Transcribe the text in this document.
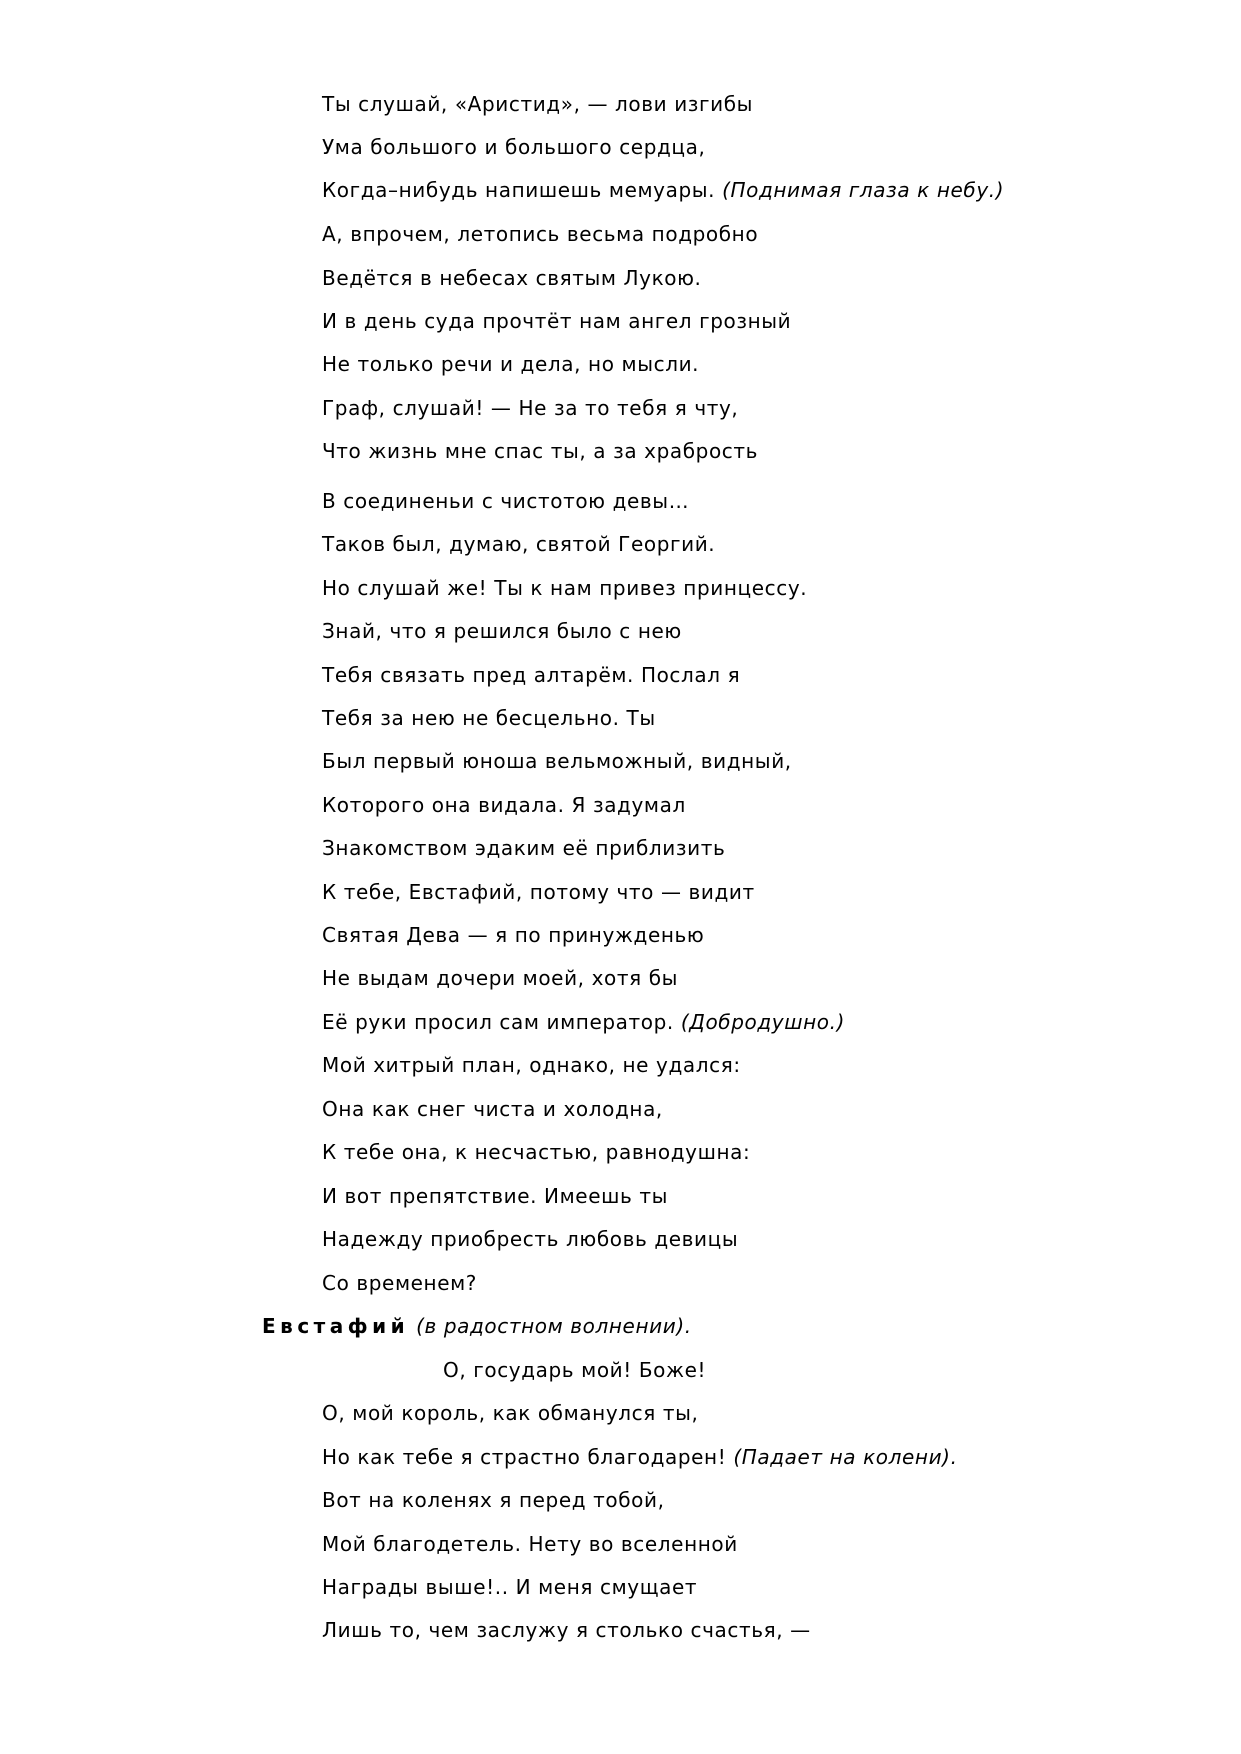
Ты слушай, «Аристид», — лови изгибы
Ума большого и большого сердца,
Когда–нибудь напишешь мемуары. (Поднимая глаза к небу.)
А, впрочем, летопись весьма подробно
Ведётся в небесах святым Лукою.
И в день суда прочтёт нам ангел грозный
Не только речи и дела, но мысли.
Граф, слушай! — Не за то тебя я чту,
Что жизнь мне спас ты, а за храбрость
В соединеньи с чистотою девы…
Таков был, думаю, святой Георгий.
Но слушай же! Ты к нам привез принцессу.
Знай, что я решился было с нею
Тебя связать пред алтарём. Послал я
Тебя за нею не бесцельно. Ты
Был первый юноша вельможный, видный,
Которого она видала. Я задумал
Знакомством эдаким её приблизить
К тебе, Евстафий, потому что — видит
Святая Дева — я по принужденью
Не выдам дочери моей, хотя бы
Её руки просил сам император. (Добродушно.)
Мой хитрый план, однако, не удался:
Она как снег чиста и холодна,
К тебе она, к несчастью, равнодушна:
И вот препятствие. Имеешь ты
Надежду приобресть любовь девицы
Со временем?
Евстафий (в радостном волнении).
О, государь мой! Боже!
О, мой король, как обманулся ты,
Но как тебе я страстно благодарен! (Падает на колени).
Вот на коленях я перед тобой,
Мой благодетель. Нету во вселенной
Награды выше!.. И меня смущает
Лишь то, чем заслужу я столько счастья, —
